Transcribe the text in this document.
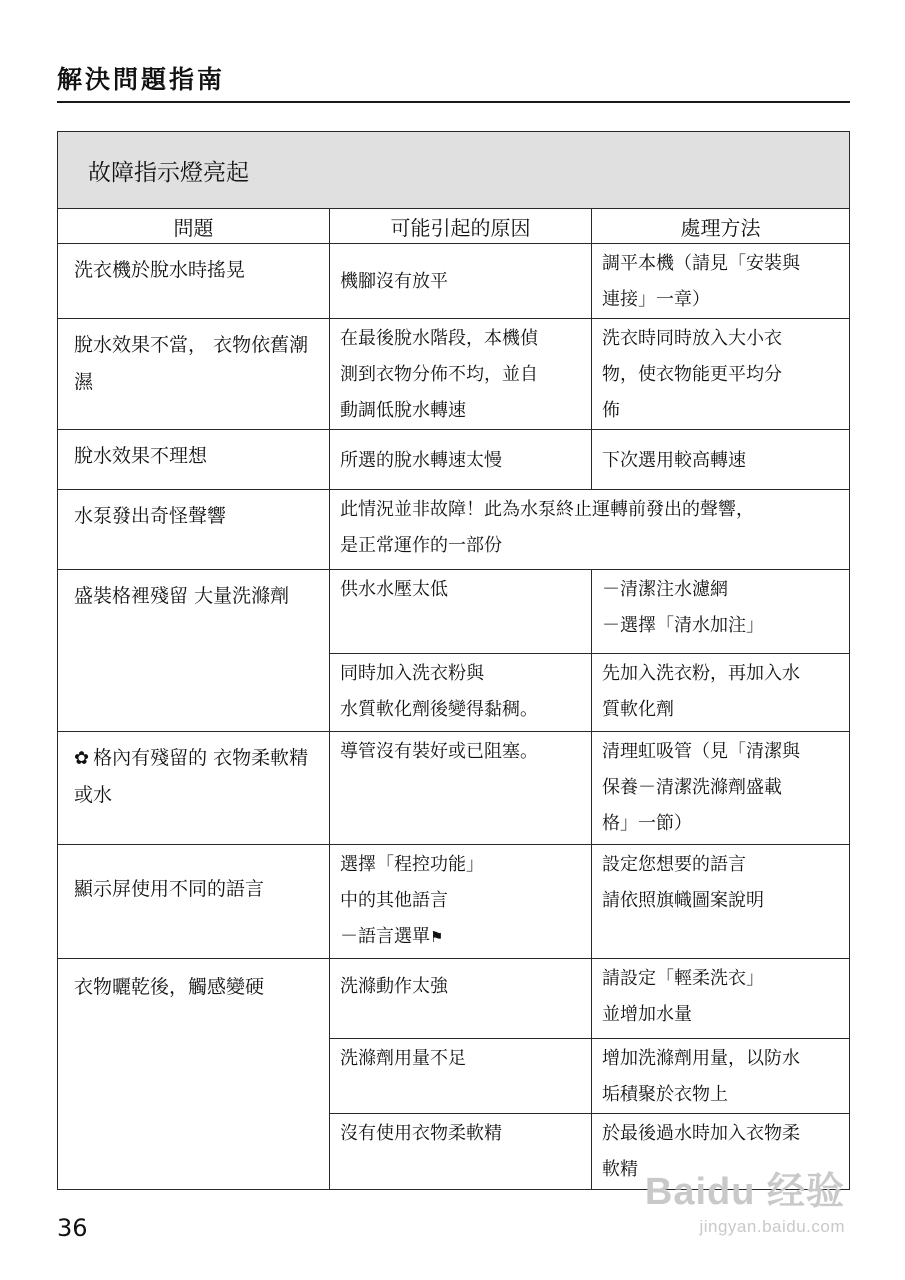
解決問題指南
故障指示燈亮起		
問題	可能引起的原因	處理方法
洗衣機於脫水時搖晃	機腳沒有放平	調平本機（請見「安裝與
連接」一章）

脫水效果不當， 衣物依舊潮濕	在最後脫水階段，本機偵
測到衣物分佈不均，並自
動調低脫水轉速	洗衣時同時放入大小衣
物，使衣物能更平均分
佈

脫水效果不理想	所選的脫水轉速太慢	下次選用較高轉速

水泵發出奇怪聲響	此情況並非故障！此為水泵終止運轉前發出的聲響，
是正常運作的一部份	

盛裝格裡殘留 大量洗滌劑	供水水壓太低	－清潔注水濾網
－選擇「清水加注」

	同時加入洗衣粉與
水質軟化劑後變得黏稠。	先加入洗衣粉，再加入水
質軟化劑

✿ 格內有殘留的 衣物柔軟精或水	導管沒有裝好或已阻塞。	清理虹吸管（見「清潔與
保養－清潔洗滌劑盛載
格」一節）

顯示屏使用不同的語言	選擇「程控功能」
中的其他語言
－語言選單⚑	設定您想要的語言
請依照旗幟圖案說明

衣物曬乾後，觸感變硬	洗滌動作太強	請設定「輕柔洗衣」
並增加水量

	洗滌劑用量不足	增加洗滌劑用量，以防水
垢積聚於衣物上

	沒有使用衣物柔軟精	於最後過水時加入衣物柔
軟精
36
Baidu 经验
jingyan.baidu.com
